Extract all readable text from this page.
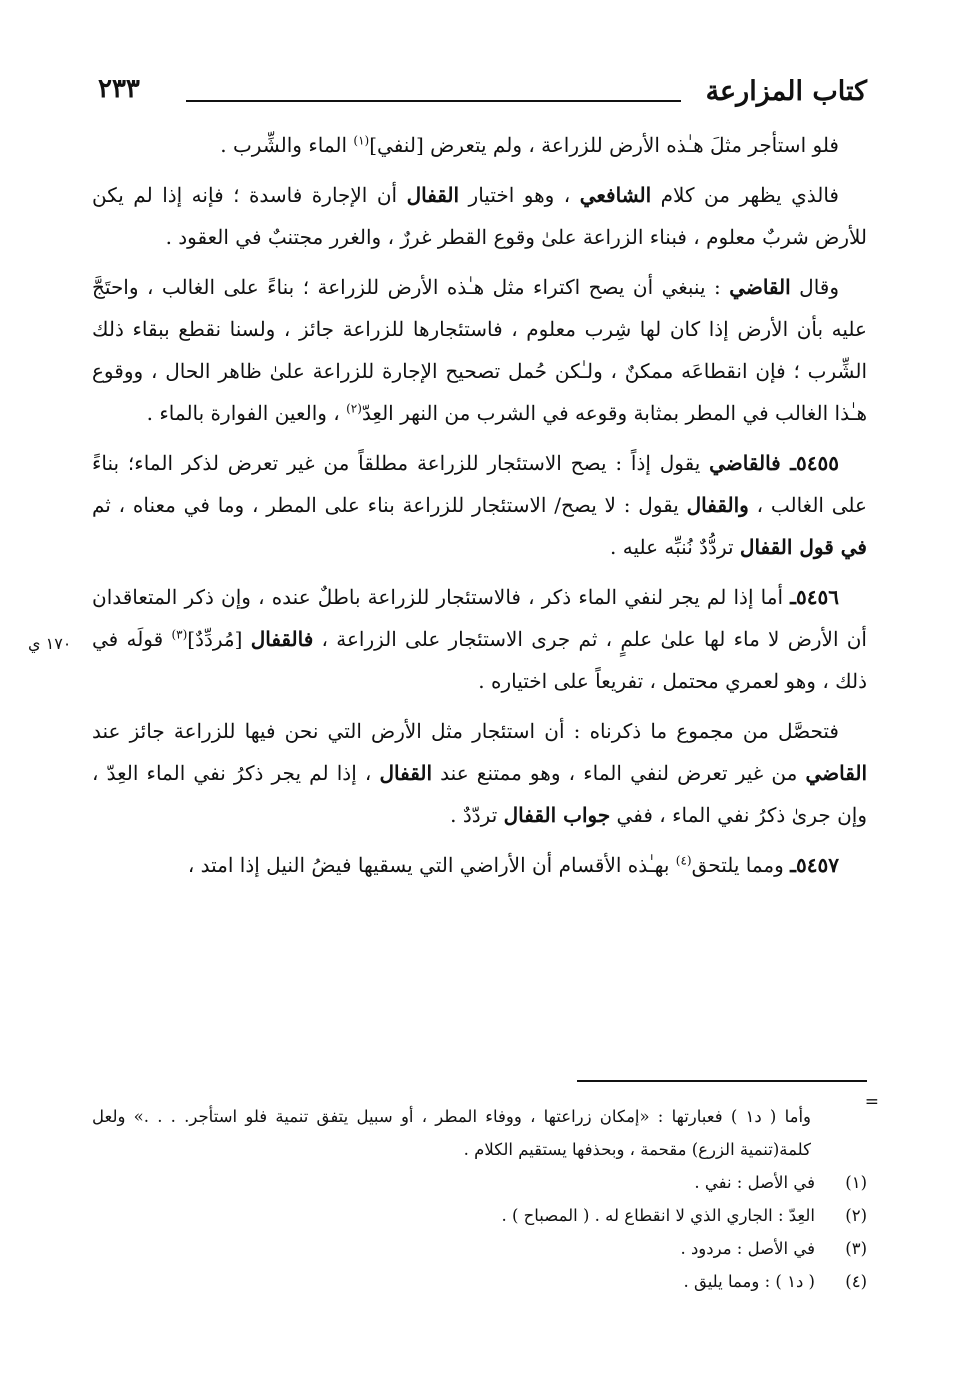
كتاب المزارعة
٢٣٣

فلو استأجر مثلَ هـٰذه الأرض للزراعة ، ولم يتعرض [لنفي]$^{(١)}$ الماء والشِّرب .

فالذي يظهر من كلام الشافعي ، وهو اختيار القفال أن الإجارة فاسدة ؛ فإنه إذا لم يكن للأرض شربٌ معلوم ، فبناء الزراعة علىٰ وقوع القطر غررٌ ، والغرر مجتنبٌ في العقود .

وقال القاضي : ينبغي أن يصح اكتراء مثل هـٰذه الأرض للزراعة ؛ بناءً على الغالب ، واحتَجَّ عليه بأن الأرض إذا كان لها شِرب معلوم ، فاستئجارها للزراعة جائز ، ولسنا نقطع ببقاء ذلك الشِّرب ؛ فإن انقطاعَه ممكنٌ ، ولـٰكن حُمل تصحيح الإجارة للزراعة علىٰ ظاهر الحال ، ووقوع هـٰذا الغالب في المطر بمثابة وقوعه في الشرب من النهر العِدّ$^{(٢)}$ ، والعين الفوارة بالماء .

٥٤٥٥ـ فالقاضي يقول إذاً : يصح الاستئجار للزراعة مطلقاً من غير تعرض لذكر الماء؛ بناءً على الغالب ، والقفال يقول : لا يصح/ الاستئجار للزراعة بناء على المطر ، وما في معناه ، ثم في قول القفال تردُّدٌ نُنبِّه عليه .

٥٤٥٦ـ أما إذا لم يجر لنفي الماء ذكر ، فالاستئجار للزراعة باطلٌ عنده ، وإن ذكر المتعاقدان أن الأرض لا ماء لها علىٰ علمٍ ، ثم جرى الاستئجار على الزراعة ، فالقفال [مُردِّدٌ]$^{(٣)}$ قولَه في ذلك ، وهو لعمري محتمل ، تفريعاً على اختياره .

فتحصَّل من مجموع ما ذكرناه : أن استئجار مثل الأرض التي نحن فيها للزراعة جائز عند القاضي من غير تعرض لنفي الماء ، وهو ممتنع عند القفال ، إذا لم يجر ذكرُ نفي الماء العِدّ ، وإن جرىٰ ذكرُ نفي الماء ، ففي جواب القفال تردّدٌ .

٥٤٥٧ـ ومما يلتحق$^{(٤)}$ بهـٰذه الأقسام أن الأراضي التي يسقيها فيضُ النيل إذا امتد ،

١٧٠ ي
=
وأما ( د١ ) فعبارتها : «إمكان زراعتها ، ووفاء المطر ، أو سبيل يتفق تنمية فلو استأجر. . . .» ولعل كلمة(تنمية الزرع) مقحمة ، وبحذفها يستقيم الكلام .
(١)
في الأصل : نفي .
(٢)
العِدّ : الجاري الذي لا انقطاع له . ( المصباح ) .
(٣)
في الأصل : مردود .
(٤)
( د١ ) : ومما يليق .
